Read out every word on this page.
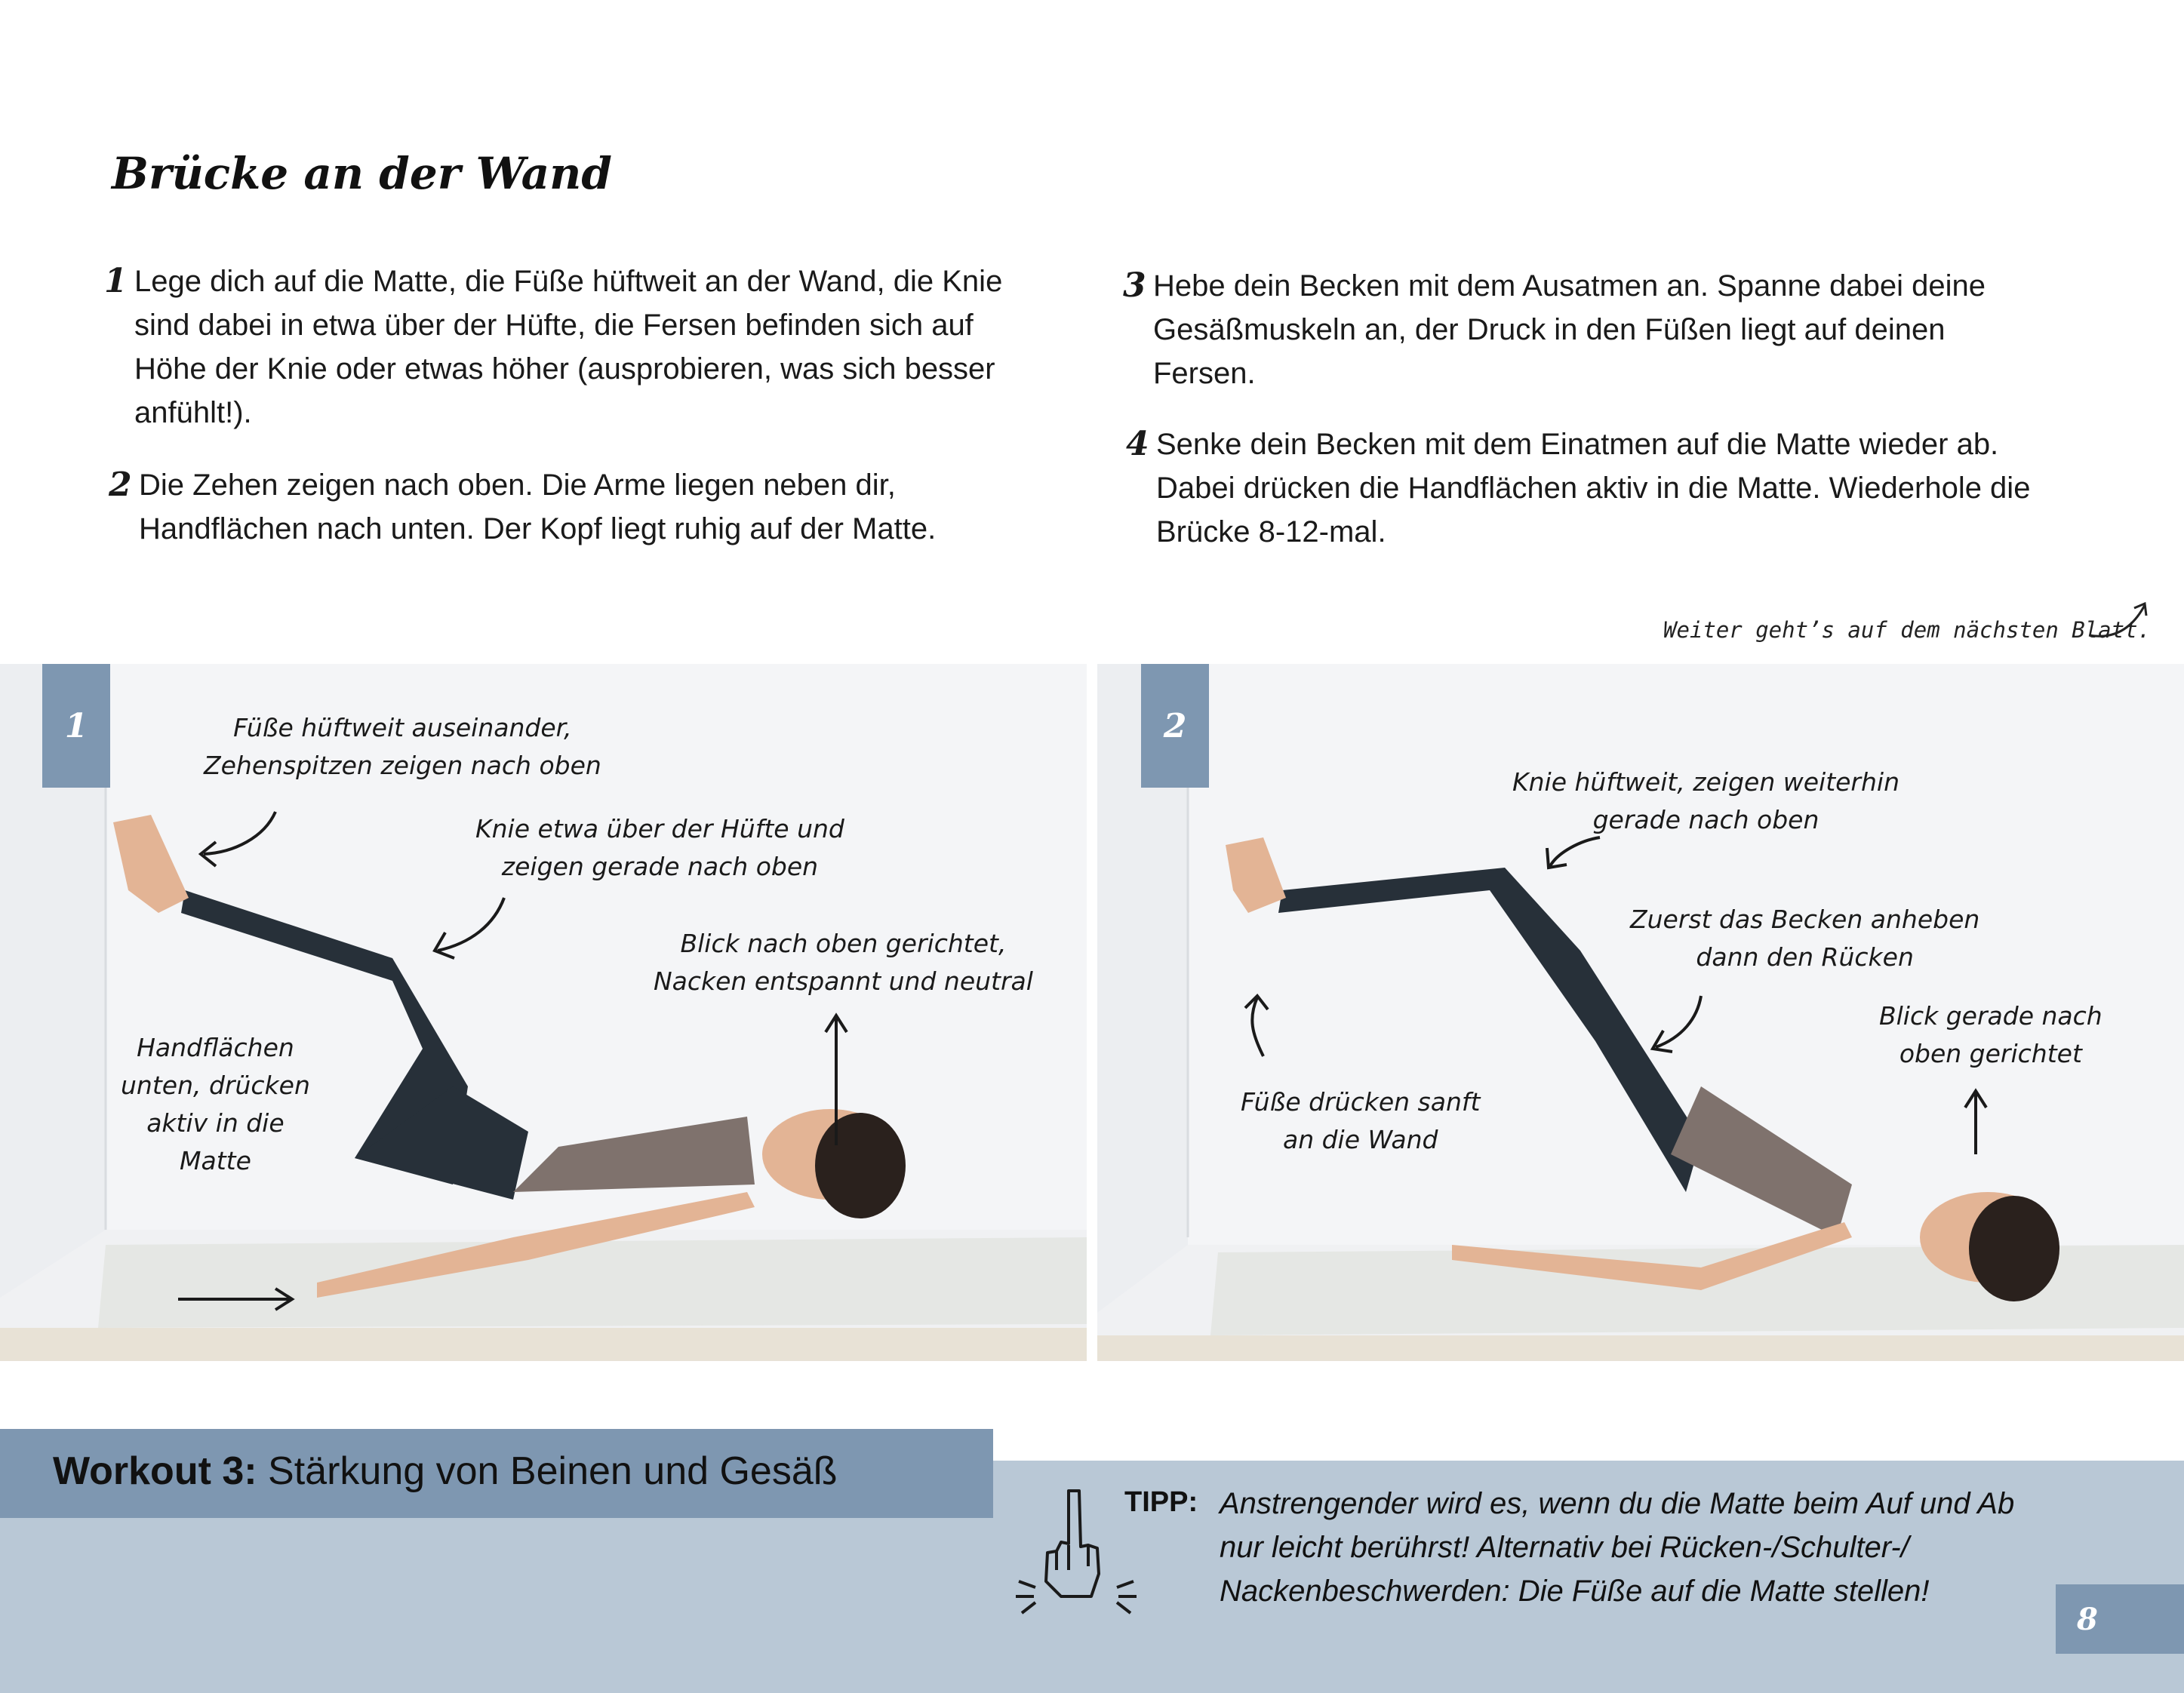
Brücke an der Wand
1 Lege dich auf die Matte, die Füße hüftweit an der Wand, die Knie sind dabei in etwa über der Hüfte, die Fersen befinden sich auf Höhe der Knie oder etwas höher (ausprobieren, was sich besser anfühlt!).

2 Die Zehen zeigen nach oben. Die Arme liegen neben dir, Handflächen nach unten. Der Kopf liegt ruhig auf der Matte.

3 Hebe dein Becken mit dem Ausatmen an. Spanne dabei deine Gesäßmuskeln an, der Druck in den Füßen liegt auf deinen Fersen.

4 Senke dein Becken mit dem Einatmen auf die Matte wieder ab. Dabei drücken die Handflächen aktiv in die Matte. Wiederhole die Brücke 8-12-mal.

Weiter geht’s auf dem nächsten Blatt.
1	Füße hüftweit auseinander,
Zehenspitzen zeigen nach oben
Knie etwa über der Hüfte und
zeigen gerade nach oben
Blick nach oben gerichtet,
Nacken entspannt und neutral
Handflächen
unten, drücken
aktiv in die
Matte
2
Knie hüftweit, zeigen weiterhin
gerade nach oben
Zuerst das Becken anheben
dann den Rücken
Blick gerade nach
oben gerichtet
Füße drücken sanft
an die Wand
Workout 3: Stärkung von Beinen und Gesäß
TIPP: Anstrengender wird es, wenn du die Matte beim Auf und Ab nur leicht berührst! Alternativ bei Rücken-/Schulter-/ Nackenbeschwerden: Die Füße auf die Matte stellen!
8
